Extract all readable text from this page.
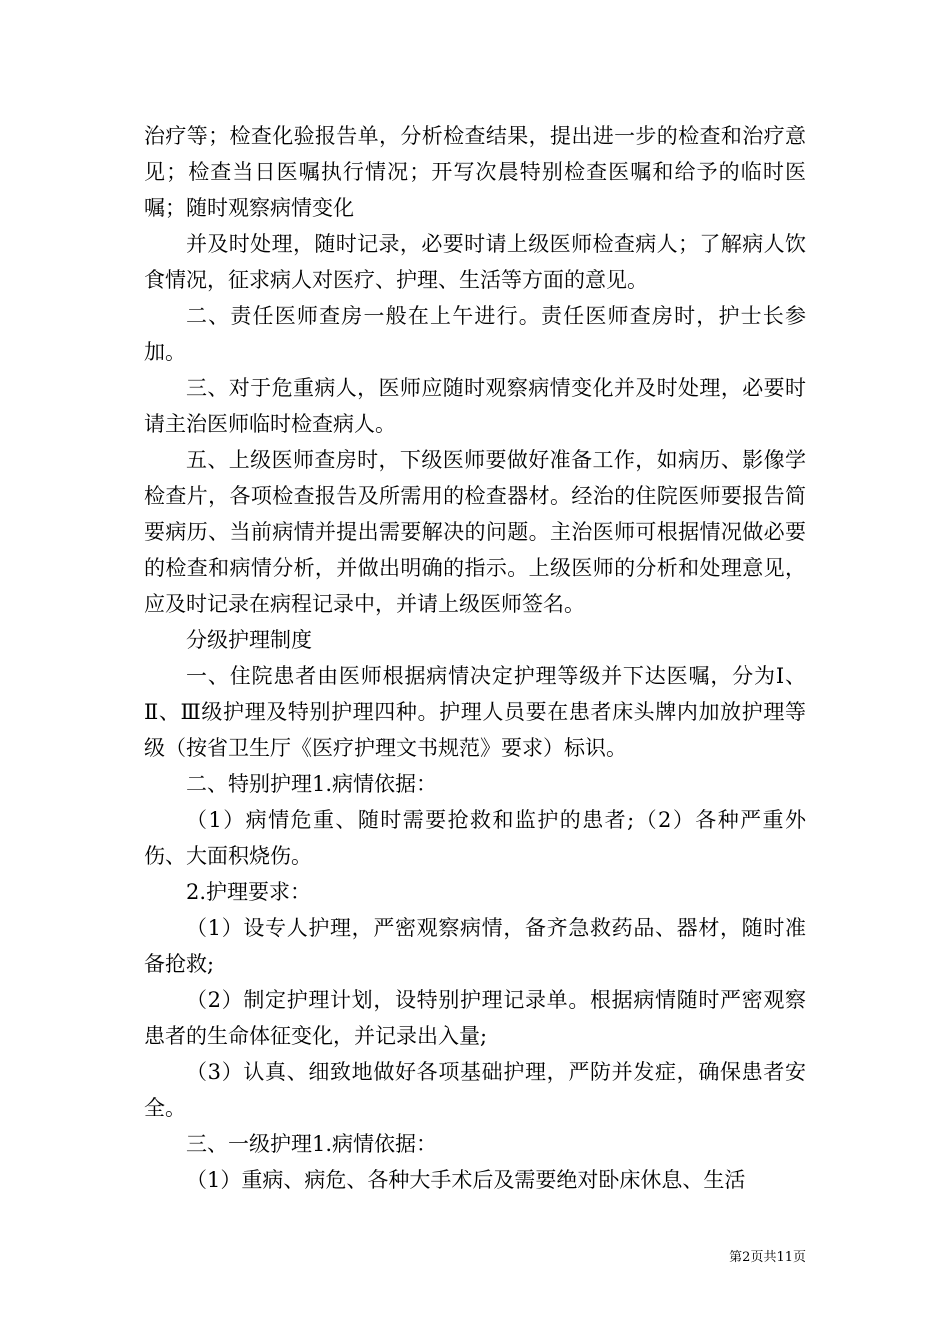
治疗等；检查化验报告单，分析检查结果，提出进一步的检查和治疗意见；检查当日医嘱执行情况；开写次晨特别检查医嘱和给予的临时医嘱；随时观察病情变化

并及时处理，随时记录，必要时请上级医师检查病人；了解病人饮食情况，征求病人对医疗、护理、生活等方面的意见。

二、责任医师查房一般在上午进行。责任医师查房时，护士长参加。

三、对于危重病人，医师应随时观察病情变化并及时处理，必要时请主治医师临时检查病人。

五、上级医师查房时，下级医师要做好准备工作，如病历、影像学检查片，各项检查报告及所需用的检查器材。经治的住院医师要报告简要病历、当前病情并提出需要解决的问题。主治医师可根据情况做必要的检查和病情分析，并做出明确的指示。上级医师的分析和处理意见，应及时记录在病程记录中，并请上级医师签名。

分级护理制度

一、住院患者由医师根据病情决定护理等级并下达医嘱，分为Ⅰ、Ⅱ、Ⅲ级护理及特别护理四种。护理人员要在患者床头牌内加放护理等级（按省卫生厅《医疗护理文书规范》要求）标识。

二、特别护理1.病情依据：

（1）病情危重、随时需要抢救和监护的患者;（2）各种严重外伤、大面积烧伤。

2.护理要求：

（1）设专人护理，严密观察病情，备齐急救药品、器材，随时准备抢救;

（2）制定护理计划，设特别护理记录单。根据病情随时严密观察患者的生命体征变化，并记录出入量;

（3）认真、细致地做好各项基础护理，严防并发症，确保患者安全。

三、一级护理1.病情依据：

（1）重病、病危、各种大手术后及需要绝对卧床休息、生活

第2页共11页
